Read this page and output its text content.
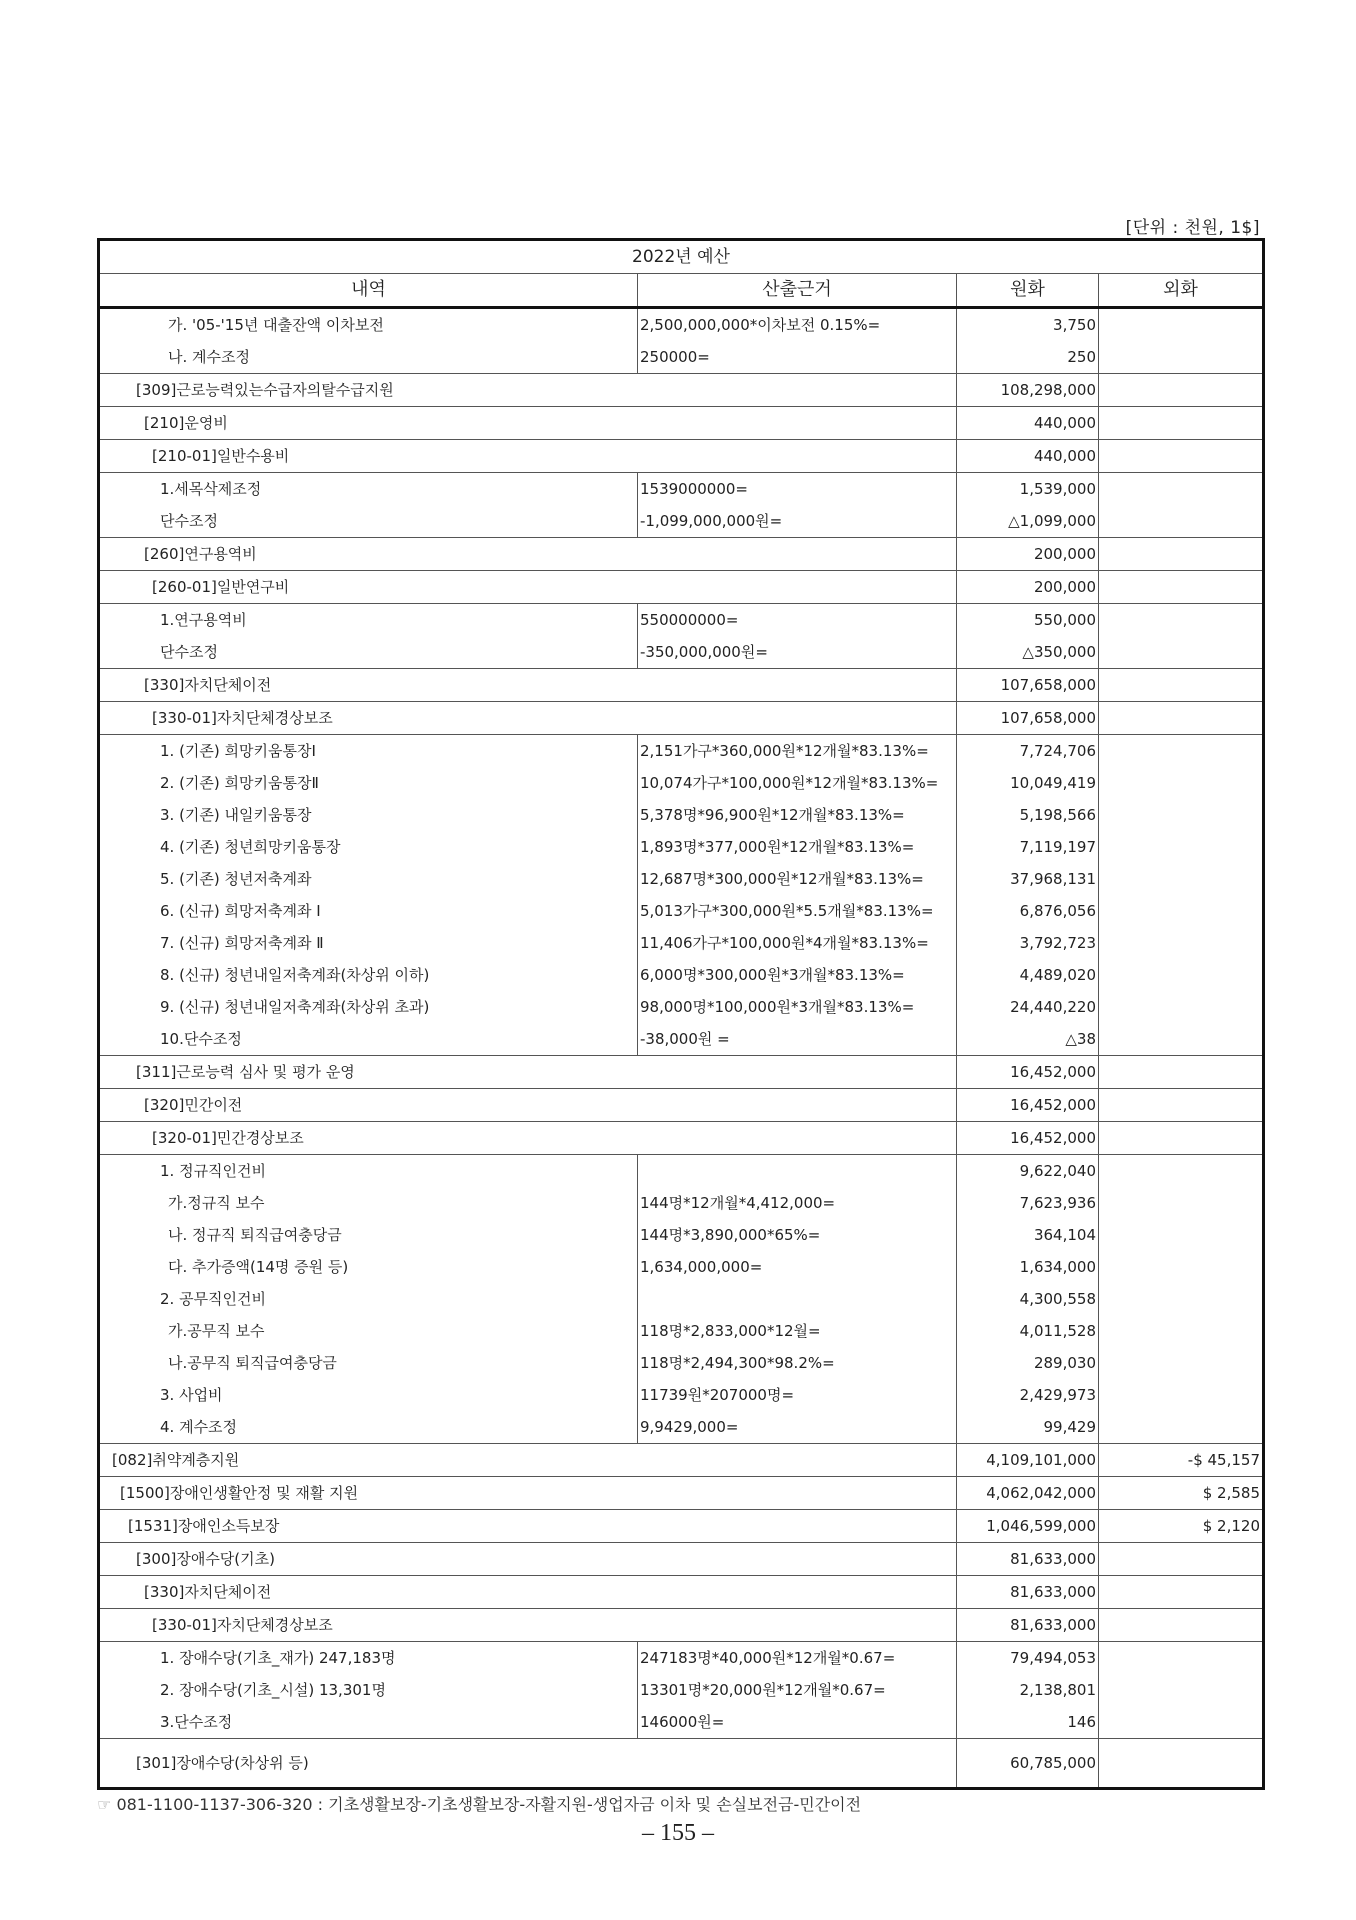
[단위 : 천원, 1$]
2022년 예산			
내역	산출근거	원화	외화
가. '05-'15년 대출잔액 이차보전	2,500,000,000*이차보전 0.15%=	3,750	
나. 계수조정	250000=	250	
[309]근로능력있는수급자의탈수급지원		108,298,000	
[210]운영비		440,000	
[210-01]일반수용비		440,000	
1.세목삭제조정	1539000000=	1,539,000	
단수조정	-1,099,000,000원=	△1,099,000	
[260]연구용역비		200,000	
[260-01]일반연구비		200,000	
1.연구용역비	550000000=	550,000	
단수조정	-350,000,000원=	△350,000	
[330]자치단체이전		107,658,000	
[330-01]자치단체경상보조		107,658,000	
1. (기존) 희망키움통장Ⅰ	2,151가구*360,000원*12개월*83.13%=	7,724,706	
2. (기존) 희망키움통장Ⅱ	10,074가구*100,000원*12개월*83.13%=	10,049,419	
3. (기존) 내일키움통장	5,378명*96,900원*12개월*83.13%=	5,198,566	
4. (기존) 청년희망키움통장	1,893명*377,000원*12개월*83.13%=	7,119,197	
5. (기존) 청년저축계좌	12,687명*300,000원*12개월*83.13%=	37,968,131	
6. (신규) 희망저축계좌 Ⅰ	5,013가구*300,000원*5.5개월*83.13%=	6,876,056	
7. (신규) 희망저축계좌 Ⅱ	11,406가구*100,000원*4개월*83.13%=	3,792,723	
8. (신규) 청년내일저축계좌(차상위 이하)	6,000명*300,000원*3개월*83.13%=	4,489,020	
9. (신규) 청년내일저축계좌(차상위 초과)	98,000명*100,000원*3개월*83.13%=	24,440,220	
10.단수조정	-38,000원 =	△38	
[311]근로능력 심사 및 평가 운영		16,452,000	
[320]민간이전		16,452,000	
[320-01]민간경상보조		16,452,000	
1. 정규직인건비		9,622,040	
가.정규직 보수	144명*12개월*4,412,000=	7,623,936	
나. 정규직 퇴직급여충당금	144명*3,890,000*65%=	364,104	
다. 추가증액(14명 증원 등)	1,634,000,000=	1,634,000	
2. 공무직인건비		4,300,558	
가.공무직 보수	118명*2,833,000*12월=	4,011,528	
나.공무직 퇴직급여충당금	118명*2,494,300*98.2%=	289,030	
3. 사업비	11739원*207000명=	2,429,973	
4. 계수조정	9,9429,000=	99,429	
[082]취약계층지원		4,109,101,000	-$ 45,157
[1500]장애인생활안정 및 재활 지원		4,062,042,000	$ 2,585
[1531]장애인소득보장		1,046,599,000	$ 2,120
[300]장애수당(기초)		81,633,000	
[330]자치단체이전		81,633,000	
[330-01]자치단체경상보조		81,633,000	
1. 장애수당(기초_재가) 247,183명	247183명*40,000원*12개월*0.67=	79,494,053	
2. 장애수당(기초_시설) 13,301명	13301명*20,000원*12개월*0.67=	2,138,801	
3.단수조정	146000원=	146	
[301]장애수당(차상위 등)		60,785,000	
☞ 081-1100-1137-306-320 : 기초생활보장-기초생활보장-자활지원-생업자금 이차 및 손실보전금-민간이전
– 155 –
